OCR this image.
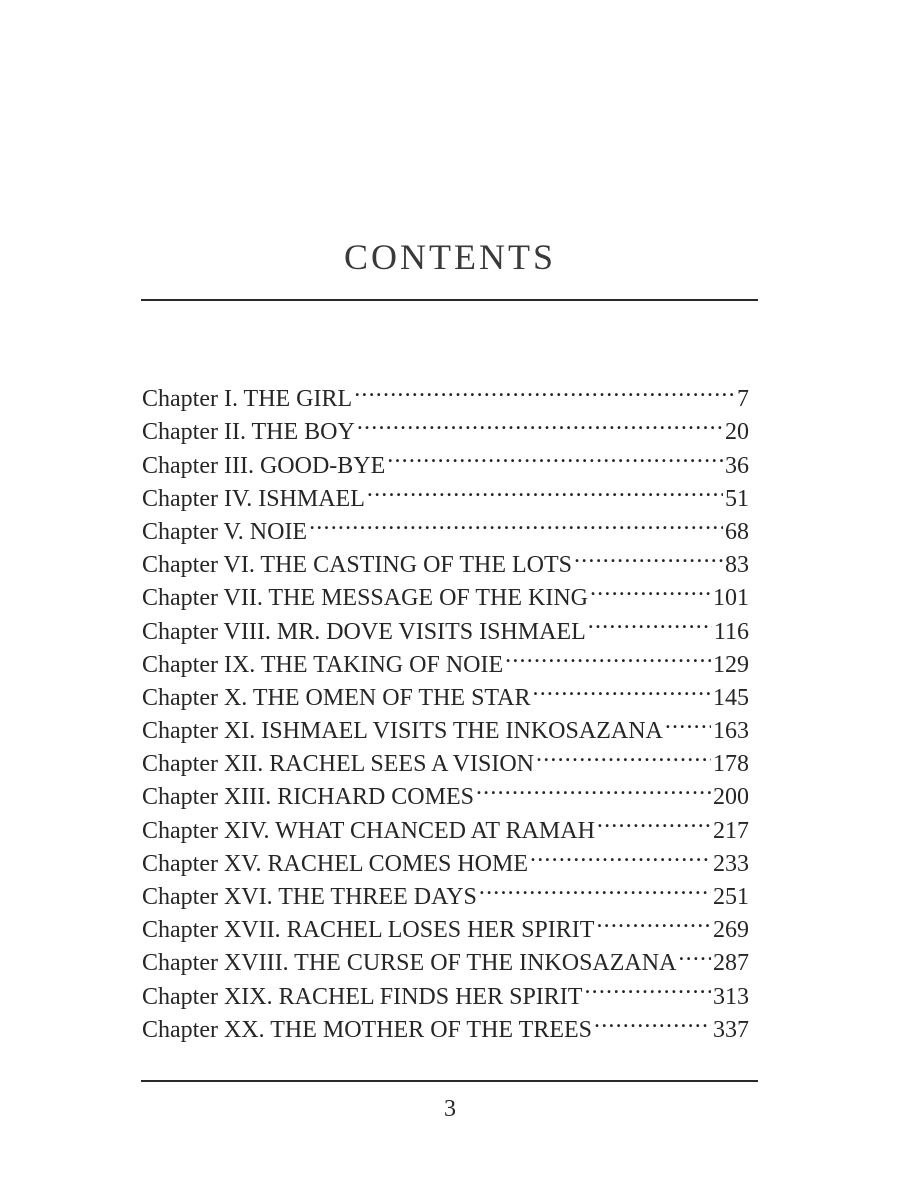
CONTENTS
Chapter I. THE GIRL . . .	7
Chapter II. THE BOY . . .	20
Chapter III. GOOD-BYE . . .	36
Chapter IV. ISHMAEL . . .	51
Chapter V. NOIE . . .	68
Chapter VI. THE CASTING OF THE LOTS . . .	83
Chapter VII. THE MESSAGE OF THE KING . . .	101
Chapter VIII. MR. DOVE VISITS ISHMAEL . . .	116
Chapter IX. THE TAKING OF NOIE . . .	129
Chapter X. THE OMEN OF THE STAR . . .	145
Chapter XI. ISHMAEL VISITS THE INKOSAZANA . . . 163
Chapter XII. RACHEL SEES A VISION . . .	178
Chapter XIII. RICHARD COMES . . .	200
Chapter XIV. WHAT CHANCED AT RAMAH . . .	217
Chapter XV. RACHEL COMES HOME . . .	233
Chapter XVI. THE THREE DAYS . . .	251
Chapter XVII. RACHEL LOSES HER SPIRIT . . .	269
Chapter XVIII. THE CURSE OF THE INKOSAZANA . . . 287
Chapter XIX. RACHEL FINDS HER SPIRIT . . .	313
Chapter XX. THE MOTHER OF THE TREES . . .	337
3
